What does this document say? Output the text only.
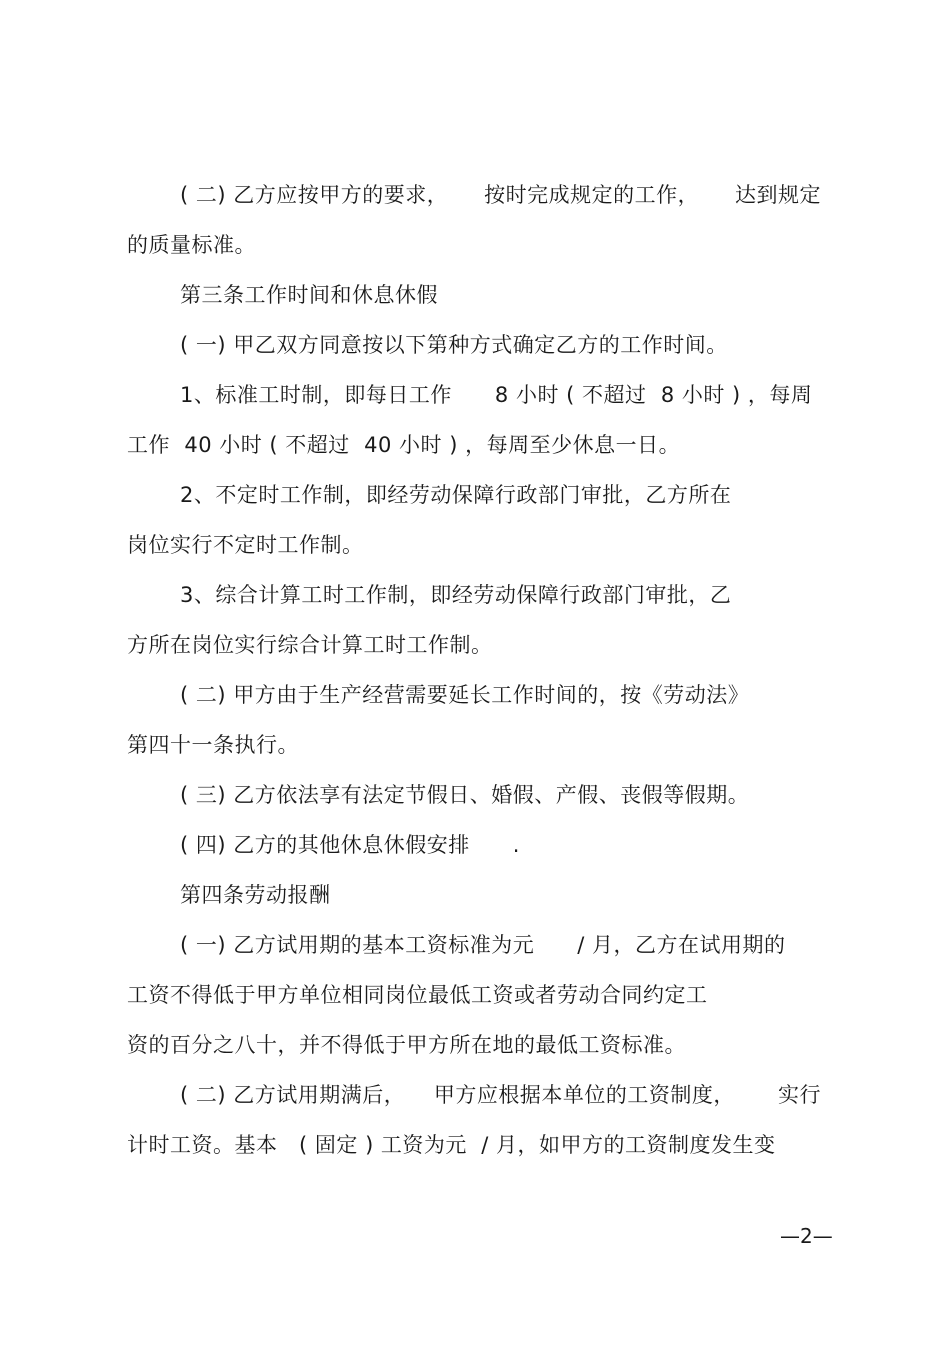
( 二) 乙方应按甲方的要求，     按时完成规定的工作，     达到规定
的质量标准。
第三条工作时间和休息休假
( 一) 甲乙双方同意按以下第种方式确定乙方的工作时间。
1、标准工时制，即每日工作      8 小时 ( 不超过  8 小时 ) ，每周
工作  40 小时 ( 不超过  40 小时 ) ，每周至少休息一日。
2、不定时工作制，即经劳动保障行政部门审批，乙方所在
岗位实行不定时工作制。
3、综合计算工时工作制，即经劳动保障行政部门审批，乙
方所在岗位实行综合计算工时工作制。
( 二) 甲方由于生产经营需要延长工作时间的，按《劳动法》
第四十一条执行。
( 三) 乙方依法享有法定节假日、婚假、产假、丧假等假期。
( 四) 乙方的其他休息休假安排      .
第四条劳动报酬
( 一) 乙方试用期的基本工资标准为元      / 月，乙方在试用期的
工资不得低于甲方单位相同岗位最低工资或者劳动合同约定工
资的百分之八十，并不得低于甲方所在地的最低工资标准。
( 二) 乙方试用期满后，    甲方应根据本单位的工资制度，      实行
计时工资。基本   ( 固定 ) 工资为元  / 月，如甲方的工资制度发生变
—2—
